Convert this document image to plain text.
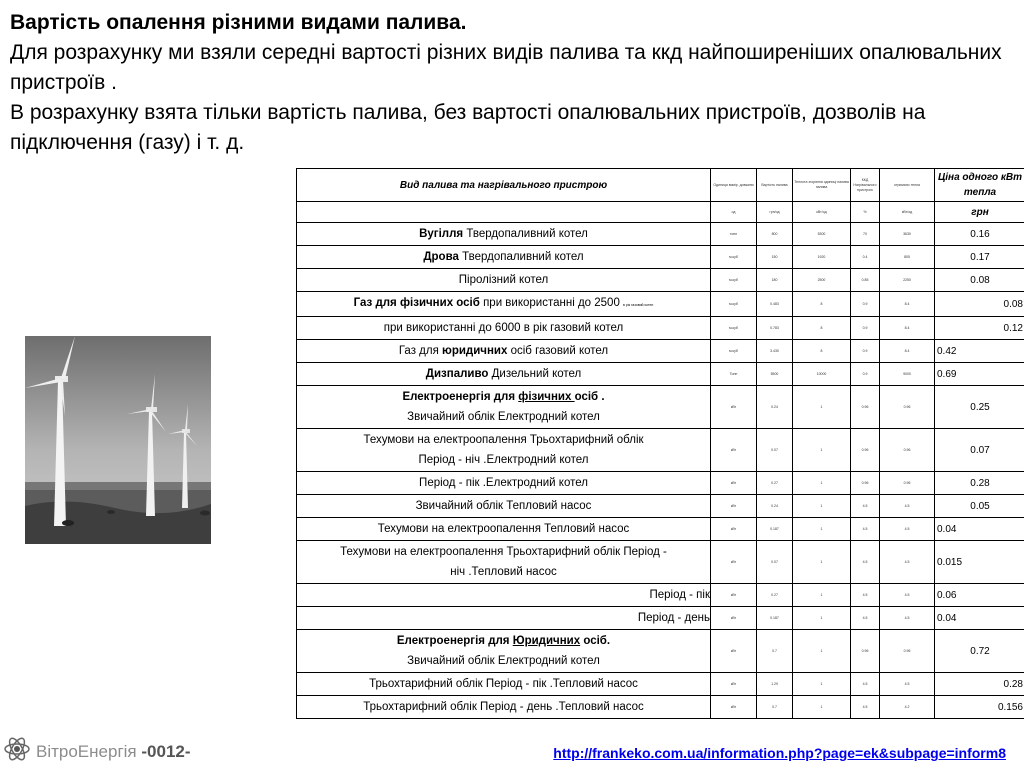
Вартість опалення різними видами палива.
Для розрахунку ми взяли середні вартості різних видів палива та ккд найпоширеніших опалювальних пристроїв .
В розрахунку взята тільки вартість палива, без вартості опалювальних пристроїв, дозволів на підключення (газу) і т. д.
Вид палива та нагрівального пристрою	Одиниця вимір. довжини	Вартість палива	Теплота згоряння одиниці палива палива	ККД Нагрівального пристрою	отримано тепла	Ціна одного кВт тепла
	од	грн/од	кВт/од	%	кВт/од	грн
Вугілля Твердопаливний котел	тонн	800	5300	70	3630	0.16
Дрова Твердопаливний котел	м.куб	150	1920	0.4	805	0.17
Піролізний котел	м.куб	180	2500	0.85	2250	0.08
Газ для фізичних осіб при використанні до 2500 в рік газовий котел	м.куб	0.483	8	0.9	8.4	0.08
при використанні до 6000 в рік газовий котел	м.куб	0.783	8	0.9	8.4	0.12
Газ для юридичних осіб газовий котел	м.куб	3.430	8	0.9	8.4	0.42
Дизпаливо Дизельний котел	Тонн	5500	10000	0.9	9000	0.69

Електроенергія для фізичних осіб .
Звичайний облік Електродний котел	кВт	0.24	1	0.96	0.96	0.25

Техумови на електроопалення Трьохтарифний облік
Період - ніч .Електродний котел	кВт	0.07	1	0.96	0.96	0.07
Період - пік .Електродний котел	кВт	0.27	1	0.96	0.96	0.28
Звичайний облік Тепловий насос	кВт	0.24	1	4.5	4.5	0.05
Техумови на електроопалення Тепловий насос	кВт	0.187	1	4.5	4.5	0.04

Техумови на електроопалення Трьохтарифний облік Період -
ніч .Тепловий насос	кВт	0.07	1	4.5	4.5	0.015
Період - пік	кВт	0.27	1	4.5	4.5	0.06
Період - день	кВт	0.187	1	4.5	4.5	0.04

Електроенергія для Юридичних осіб.
Звичайний облік Електродний котел	кВт	0.7	1	0.96	0.96	0.72
Трьохтарифний облік Період - пік .Тепловий насос	кВт	1.29	1	4.5	4.5	0.28
Трьохтарифний облік Період - день .Тепловий насос	кВт	0.7	1	4.5	4.2	0.156
ВітроЕнергія -0012-	http://frankeko.com.ua/information.php?page=ek&subpage=inform8
